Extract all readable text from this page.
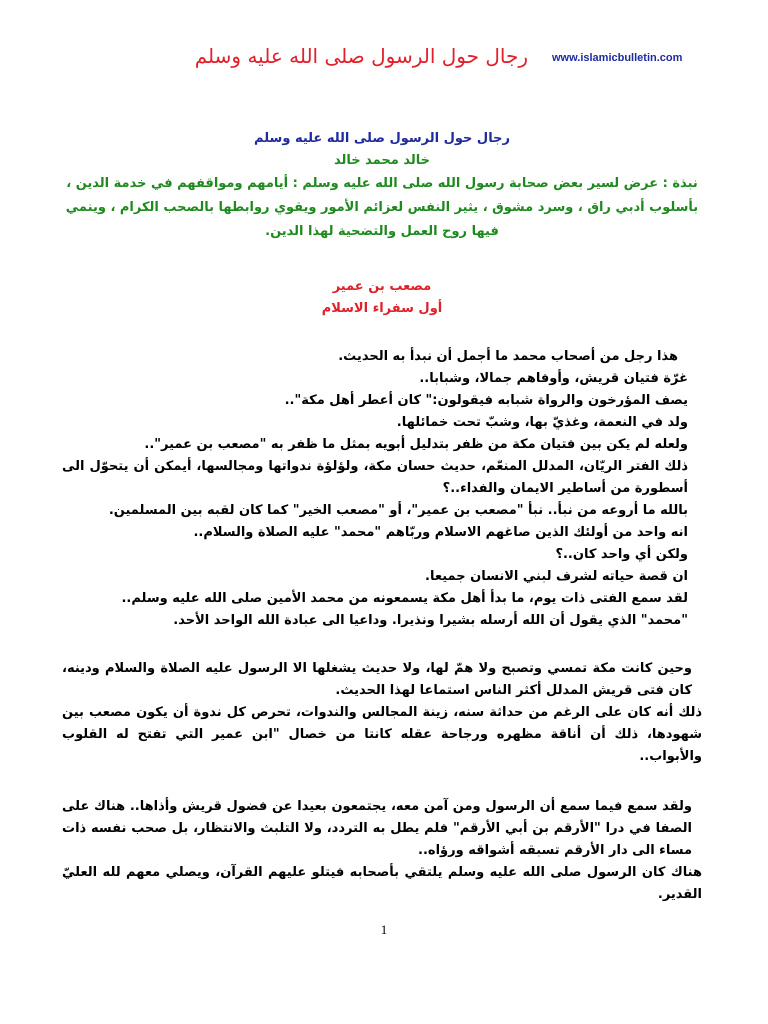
www.islamicbulletin.com
رجال حول الرسول صلى الله عليه وسلم
رجال حول الرسول صلى الله عليه وسلم
خالد محمد خالد
نبذة : عرض لسير بعض صحابة رسول الله صلى الله عليه وسلم : أيامهم ومواقفهم في خدمة الدين ،
بأسلوب أدبي راق ، وسرد مشوق ، يثير النفس لعزائم الأمور ويقوي روابطها بالصحب الكرام ، وينمي
فيها روح العمل والتضحية لهذا الدين.
مصعب بن عمير
أول سفراء الاسلام

هذا رجل من أصحاب محمد ما أجمل أن نبدأ به الحديث.

غرّة فتيان قريش، وأوفاهم جمالا، وشبابا..

يصف المؤرخون والرواة شبابه فيقولون:" كان أعطر أهل مكة"..

ولد في النعمة، وغذيّ بها، وشبّ تحت خمائلها.

ولعله لم يكن بين فتيان مكة من ظفر بتدليل أبويه بمثل ما ظفر به "مصعب بن عمير"..

ذلك الفتر الريّان، المدلل المنعّم، حديث حسان مكة، ولؤلؤة ندواتها ومجالسها، أيمكن أن يتحوّل الى أسطورة من أساطير الايمان والفداء..؟

بالله ما أروعه من نبأ.. نبأ "مصعب بن عمير"، أو "مصعب الخير" كما كان لقبه بين المسلمين.

انه واحد من أولئك الذين صاغهم الاسلام وربّاهم "محمد" عليه الصلاة والسلام..

ولكن أي واحد كان..؟

ان قصة حياته لشرف لبني الانسان جميعا.

لقد سمع الفتى ذات يوم، ما بدأ أهل مكة يسمعونه من محمد الأمين صلى الله عليه وسلم..

"محمد" الذي يقول أن الله أرسله بشيرا ونذيرا. وداعيا الى عبادة الله الواحد الأحد.

وحين كانت مكة تمسي وتصبح ولا همّ لها، ولا حديث يشغلها الا الرسول عليه الصلاة والسلام ودينه، كان فتى قريش المدلل أكثر الناس استماعا لهذا الحديث.

ذلك أنه كان على الرغم من حداثة سنه، زينة المجالس والندوات، تحرص كل ندوة أن يكون مصعب بين شهودها، ذلك أن أناقة مظهره ورجاحة عقله كانتا من خصال "ابن عمير التي تفتح له القلوب والأبواب..

ولقد سمع فيما سمع أن الرسول ومن آمن معه، يجتمعون بعيدا عن فضول قريش وأذاها.. هناك على الصفا في درا "الأرقم بن أبي الأرقم" فلم يطل به التردد، ولا التلبث والانتظار، بل صحب نفسه ذات مساء الى دار الأرقم تسبقه أشواقه ورؤاه..

هناك كان الرسول صلى الله عليه وسلم يلتقي بأصحابه فيتلو عليهم القرآن، ويصلي معهم لله العليّ القدير.

1
